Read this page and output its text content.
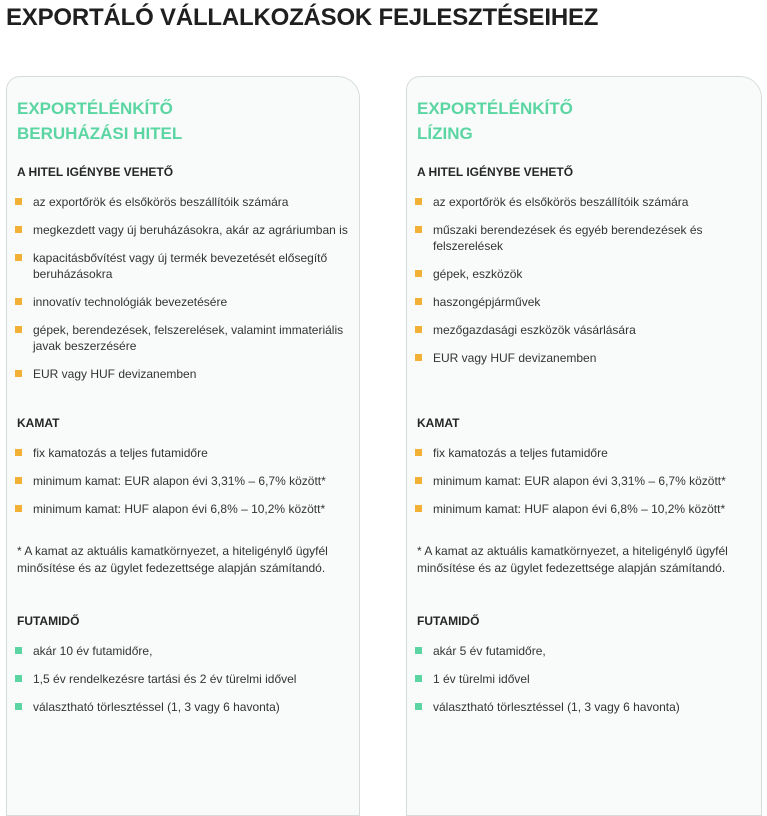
EXPORTÁLÓ VÁLLALKOZÁSOK FEJLESZTÉSEIHEZ
EXPORTÉLÉNKÍTŐ
BERUHÁZÁSI HITEL
A HITEL IGÉNYBE VEHETŐ
az exportőrök és elsőkörös beszállítóik számára
megkezdett vagy új beruházásokra, akár az agráriumban is
kapacitásbővítést vagy új termék bevezetését elősegítő beruházásokra
innovatív technológiák bevezetésére
gépek, berendezések, felszerelések, valamint immateriális javak beszerzésére
EUR vagy HUF devizanemben
KAMAT
fix kamatozás a teljes futamidőre
minimum kamat: EUR alapon évi 3,31% – 6,7% között*
minimum kamat: HUF alapon évi 6,8% – 10,2% között*

* A kamat az aktuális kamatkörnyezet, a hiteligénylő ügyfél minősítése és az ügylet fedezettsége alapján számítandó.

FUTAMIDŐ
akár 10 év futamidőre,
1,5 év rendelkezésre tartási és 2 év türelmi idővel
választható törlesztéssel (1, 3 vagy 6 havonta)
EXPORTÉLÉNKÍTŐ
LÍZING
A HITEL IGÉNYBE VEHETŐ
az exportőrök és elsőkörös beszállítóik számára
műszaki berendezések és egyéb berendezések és felszerelések
gépek, eszközök
haszongépjárművek
mezőgazdasági eszközök vásárlására
EUR vagy HUF devizanemben
KAMAT
fix kamatozás a teljes futamidőre
minimum kamat: EUR alapon évi 3,31% – 6,7% között*
minimum kamat: HUF alapon évi 6,8% – 10,2% között*

* A kamat az aktuális kamatkörnyezet, a hiteligénylő ügyfél minősítése és az ügylet fedezettsége alapján számítandó.

FUTAMIDŐ
akár 5 év futamidőre,
1 év türelmi idővel
választható törlesztéssel (1, 3 vagy 6 havonta)
